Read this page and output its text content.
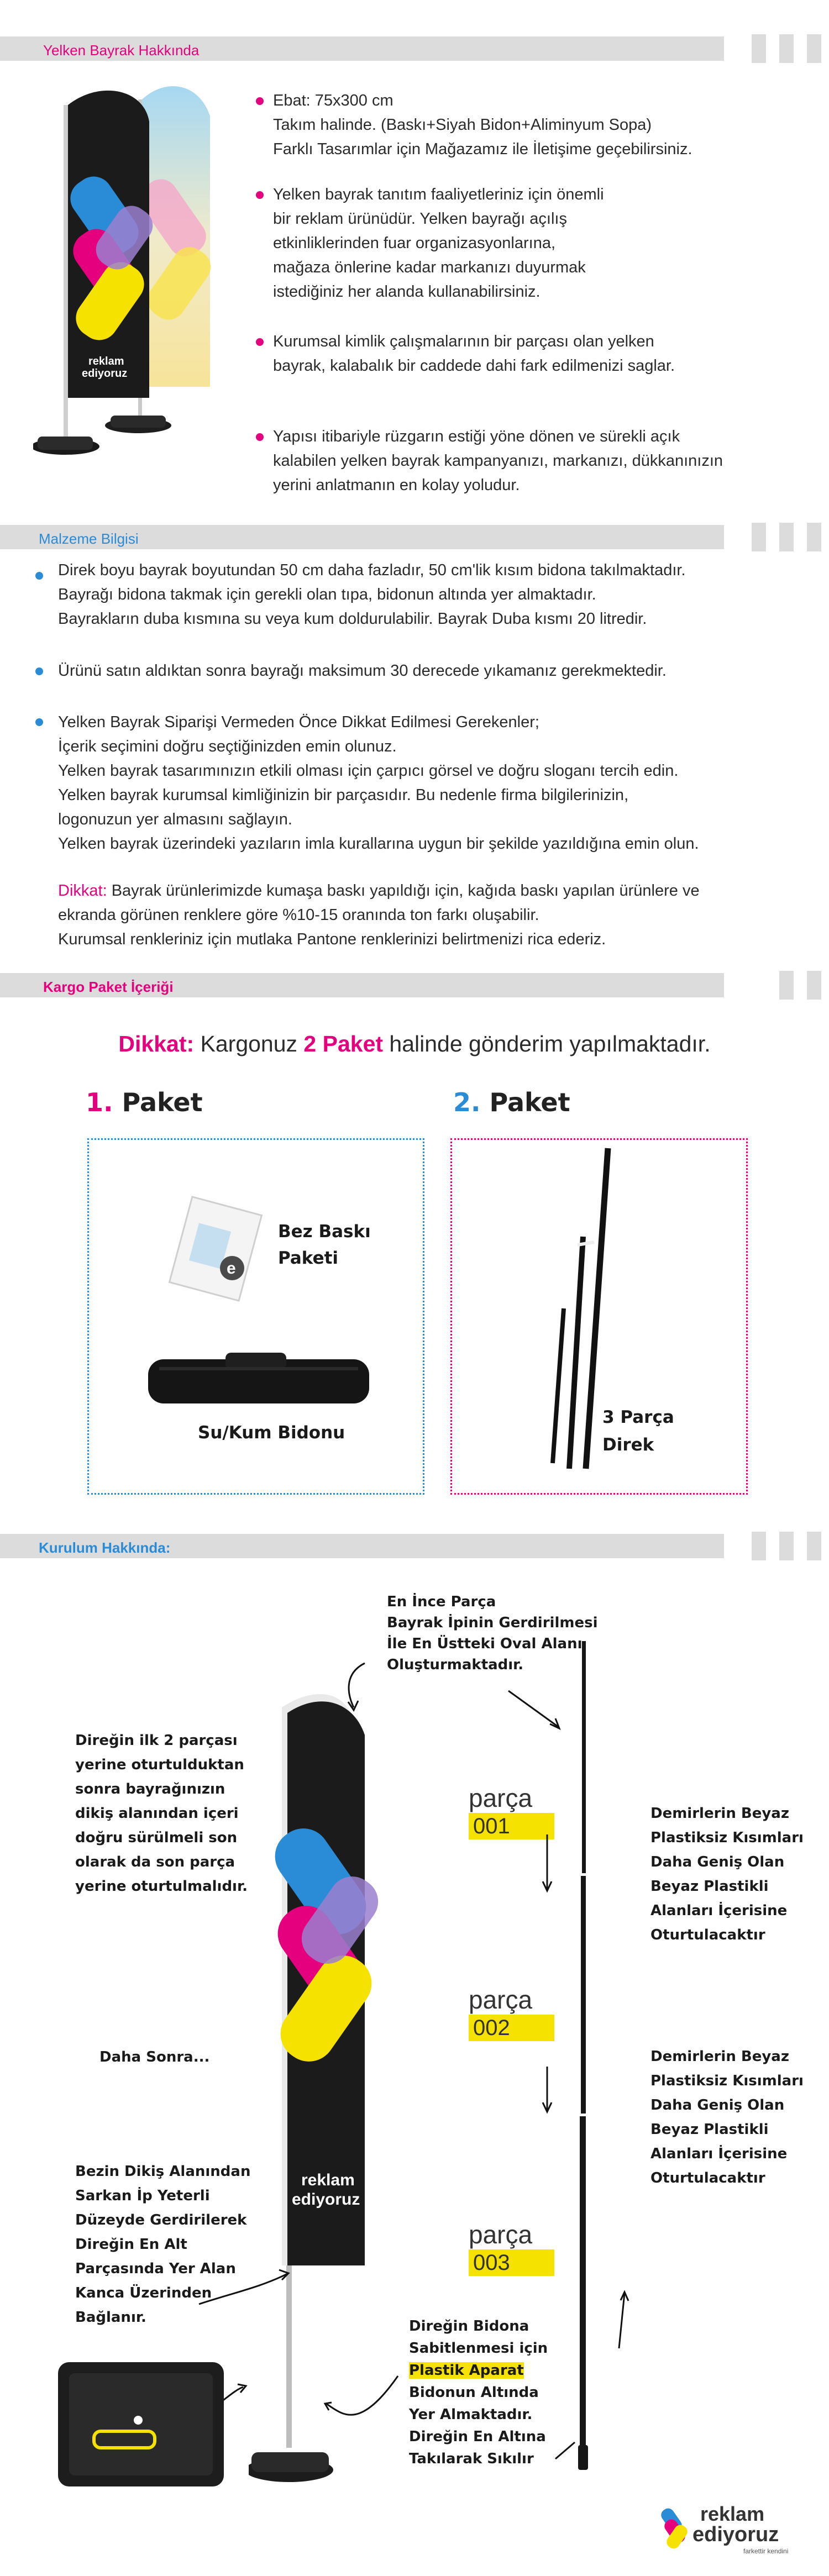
Yelken Bayrak Hakkında
reklam
ediyoruz
Ebat: 75x300 cm
Takım halinde. (Baskı+Siyah Bidon+Aliminyum Sopa)
Farklı Tasarımlar için Mağazamız ile İletişime geçebilirsiniz.
Yelken bayrak tanıtım faaliyetleriniz için önemli
bir reklam ürünüdür. Yelken bayrağı açılış
etkinliklerinden fuar organizasyonlarına,
mağaza önlerine kadar markanızı duyurmak
istediğiniz her alanda kullanabilirsiniz.
Kurumsal kimlik çalışmalarının bir parçası olan yelken
bayrak, kalabalık bir caddede dahi fark edilmenizi saglar.
Yapısı itibariyle rüzgarın estiği yöne dönen ve sürekli açık
kalabilen yelken bayrak kampanyanızı, markanızı, dükkanınızın
yerini anlatmanın en kolay yoludur.
Malzeme Bilgisi
Direk boyu bayrak boyutundan 50 cm daha fazladır, 50 cm'lik kısım bidona takılmaktadır.
Bayrağı bidona takmak için gerekli olan tıpa, bidonun altında yer almaktadır.
Bayrakların duba kısmına su veya kum doldurulabilir. Bayrak Duba kısmı 20 litredir.
Ürünü satın aldıktan sonra bayrağı maksimum 30 derecede yıkamanız gerekmektedir.
Yelken Bayrak Siparişi Vermeden Önce Dikkat Edilmesi Gerekenler;
İçerik seçimini doğru seçtiğinizden emin olunuz.
Yelken bayrak tasarımınızın etkili olması için çarpıcı görsel ve doğru sloganı tercih edin.
Yelken bayrak kurumsal kimliğinizin bir parçasıdır. Bu nedenle firma bilgilerinizin,
logonuzun yer almasını sağlayın.
Yelken bayrak üzerindeki yazıların imla kurallarına uygun bir şekilde yazıldığına emin olun.
Dikkat: Bayrak ürünlerimizde kumaşa baskı yapıldığı için, kağıda baskı yapılan ürünlere ve
ekranda görünen renklere göre %10-15 oranında ton farkı oluşabilir.
Kurumsal renkleriniz için mutlaka Pantone renklerinizi belirtmenizi rica ederiz.
Kargo Paket İçeriği
Dikkat: Kargonuz 2 Paket halinde gönderim yapılmaktadır.
1. Paket	2. Paket
e
Bez Baskı
Paketi
Su/Kum Bidonu
3 Parça
Direk
Kurulum Hakkında:
reklam
ediyoruz
parça
001
parça
002
parça
003
En İnce Parça
Bayrak İpinin Gerdirilmesi
İle En Üstteki Oval Alanı
Oluşturmaktadır.
Direğin ilk 2 parçası
yerine oturtulduktan
sonra bayrağınızın
dikiş alanından içeri
doğru sürülmeli son
olarak da son parça
yerine oturtulmalıdır.
Daha Sonra...
Bezin Dikiş Alanından
Sarkan İp Yeterli
Düzeyde Gerdirilerek
Direğin En Alt
Parçasında Yer Alan
Kanca Üzerinden
Bağlanır.
Demirlerin Beyaz
Plastiksiz Kısımları
Daha Geniş Olan
Beyaz Plastikli
Alanları İçerisine
Oturtulacaktır
Demirlerin Beyaz
Plastiksiz Kısımları
Daha Geniş Olan
Beyaz Plastikli
Alanları İçerisine
Oturtulacaktır
Direğin Bidona
Sabitlenmesi için
Plastik Aparat
Bidonun Altında
Yer Almaktadır.
Direğin En Altına
Takılarak Sıkılır
reklam
ediyoruz
farkettir kendini
